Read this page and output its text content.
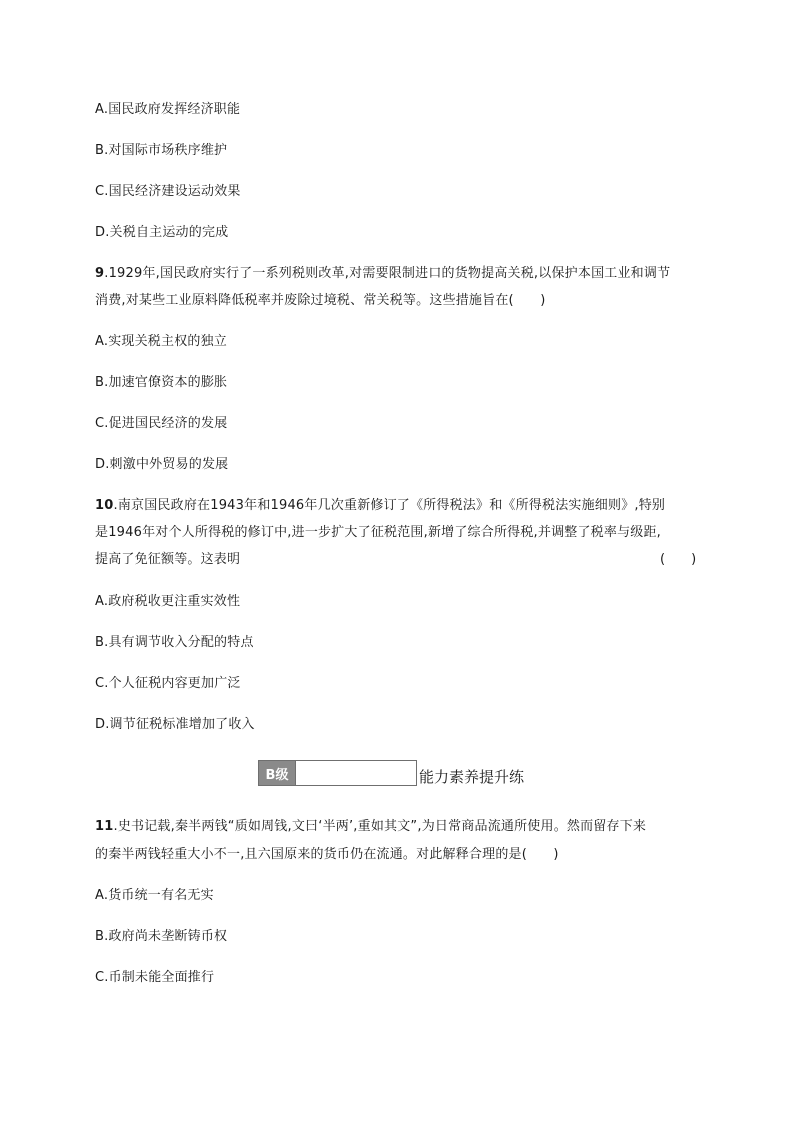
A.国民政府发挥经济职能
B.对国际市场秩序维护
C.国民经济建设运动效果
D.关税自主运动的完成
9.1929年,国民政府实行了一系列税则改革,对需要限制进口的货物提高关税,以保护本国工业和调节
消费,对某些工业原料降低税率并废除过境税、常关税等。这些措施旨在(　　)
A.实现关税主权的独立
B.加速官僚资本的膨胀
C.促进国民经济的发展
D.刺激中外贸易的发展
10.南京国民政府在1943年和1946年几次重新修订了《所得税法》和《所得税法实施细则》,特别
是1946年对个人所得税的修订中,进一步扩大了征税范围,新增了综合所得税,并调整了税率与级距,
提高了免征额等。这表明	(　　)
A.政府税收更注重实效性
B.具有调节收入分配的特点
C.个人征税内容更加广泛
D.调节征税标准增加了收入
B级	能力素养提升练
11.史书记载,秦半两钱“质如周钱,文曰‘半两’,重如其文”,为日常商品流通所使用。然而留存下来
的秦半两钱轻重大小不一,且六国原来的货币仍在流通。对此解释合理的是(　　)
A.货币统一有名无实
B.政府尚未垄断铸币权
C.币制未能全面推行
